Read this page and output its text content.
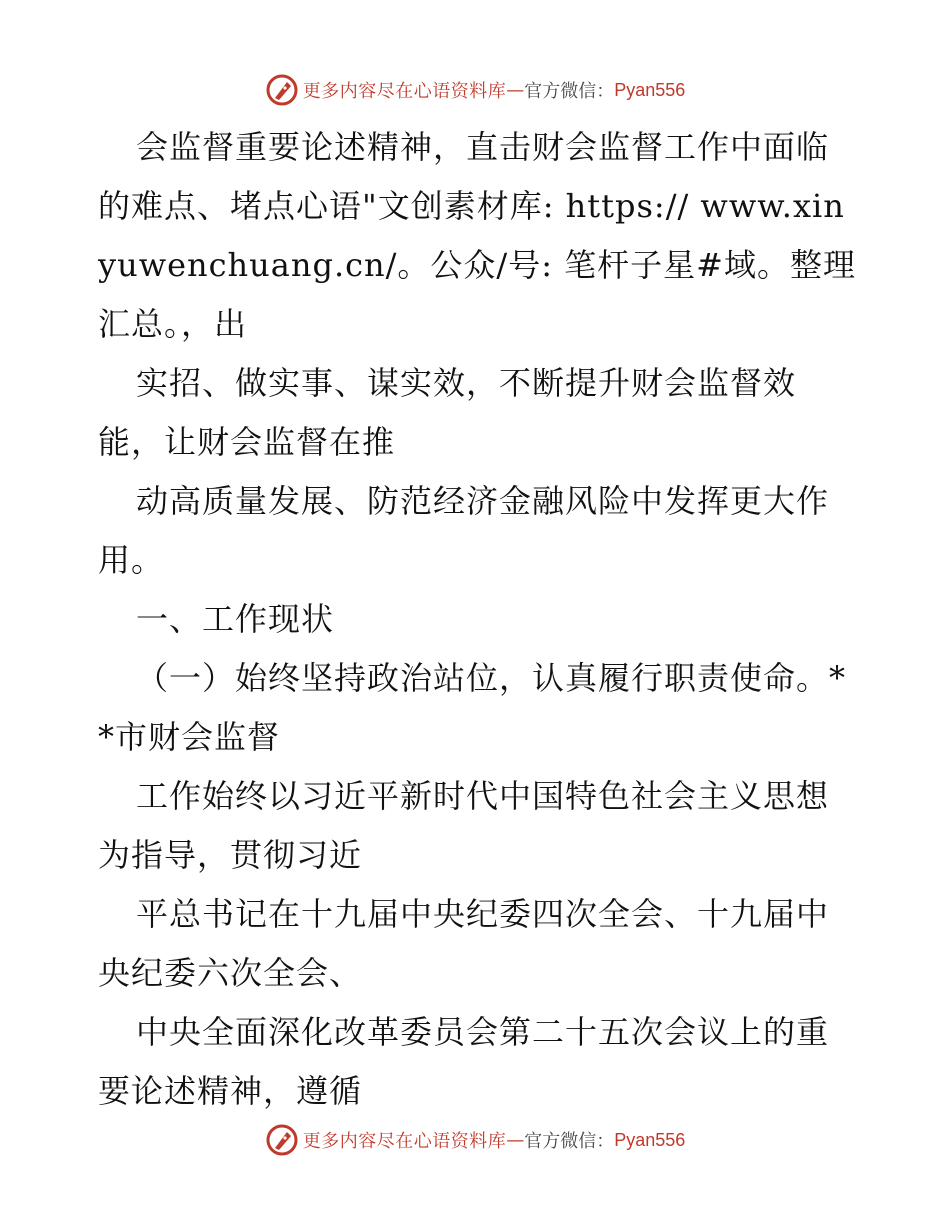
更多内容尽在心语资料库 — 官方微信： Pyan556

会监督重要论述精神，直击财会监督工作中面临的难点、堵点心语"文创素材库: https:// www.xinyuwenchuang.cn/。公众/号: 笔杆子星#域。整理汇总。，出

实招、做实事、谋实效，不断提升财会监督效能，让财会监督在推

动高质量发展、防范经济金融风险中发挥更大作用。

一、工作现状

（一）始终坚持政治站位，认真履行职责使命。**市财会监督

工作始终以习近平新时代中国特色社会主义思想为指导，贯彻习近

平总书记在十九届中央纪委四次全会、十九届中央纪委六次全会、

中央全面深化改革委员会第二十五次会议上的重要论述精神，遵循

更多内容尽在心语资料库 — 官方微信： Pyan556
